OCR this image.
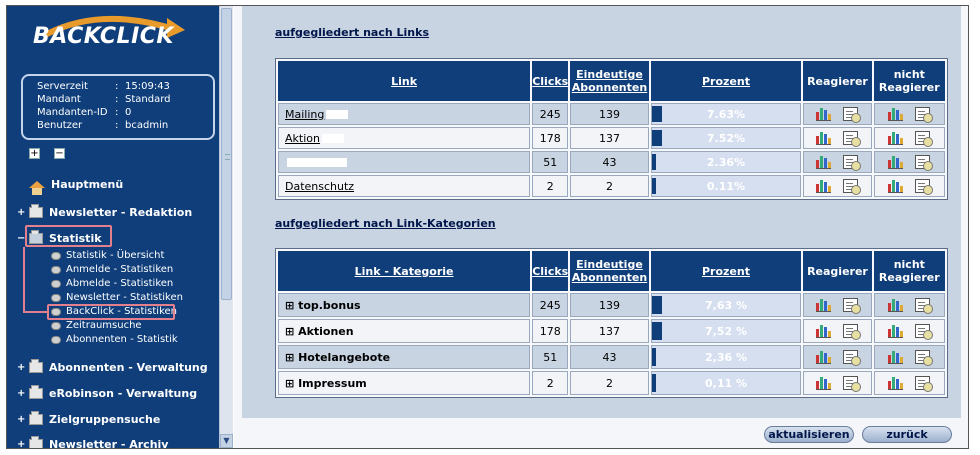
BACKCLICK
Serverzeit	: 15:09:43
Mandant	: Standard
Mandanten-ID : 0
Benutzer	: bcadmin
+ −
Hauptmenü
+ Newsletter - Redaktion
− Statistik
Statistik - Übersicht
Anmelde - Statistiken
Abmelde - Statistiken
Newsletter - Statistiken
BackClick - Statistiken
Zeitraumsuche
Abonnenten - Statistik
+ Abonnenten - Verwaltung
+ eRobinson - Verwaltung
+ Zielgruppensuche
+ Newsletter - Archiv	▼
aufgegliedert nach Links
Link	Clicks	Eindeutige Abonnenten	Prozent	Reagierer	nicht
Reagierer
Mailing	245	139	7.63%		

Aktion	178	137	7.52%		

	51	43	2.36%		

Datenschutz	2	2	0.11%		

aufgegliedert nach Link-Kategorien
Link - Kategorie	Clicks	Eindeutige Abonnenten	Prozent	Reagierer	nicht
Reagierer
⊞ top.bonus	245	139	7,63 %		

⊞ Aktionen	178	137	7,52 %		

⊞ Hotelangebote	51	43	2,36 %		

⊞ Impressum	2	2	0,11 %		

aktualisieren	zurück
